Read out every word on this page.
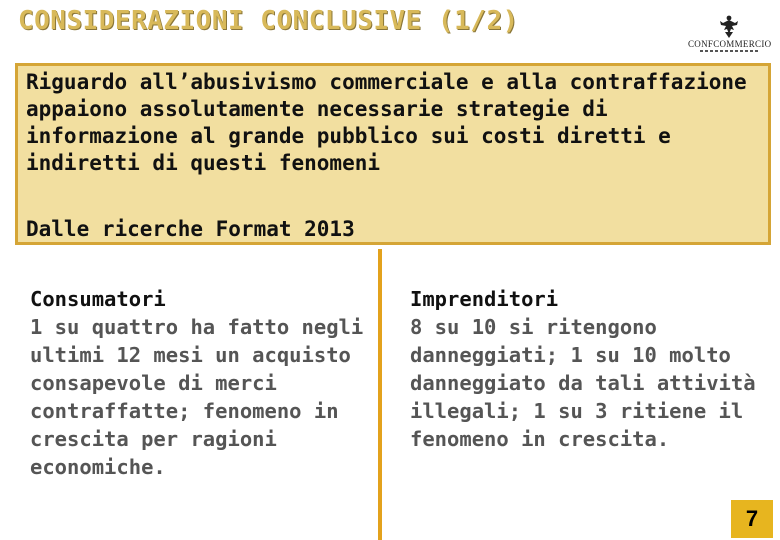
CONSIDERAZIONI CONCLUSIVE (1/2)
CONFCOMMERCIO
Riguardo all’abusivismo commerciale e alla contraffazione appaiono assolutamente necessarie strategie di informazione al grande pubblico sui costi diretti e indiretti di questi fenomeni
Dalle ricerche Format 2013
Consumatori
1 su quattro ha fatto negli ultimi 12 mesi un acquisto consapevole di merci contraffatte; fenomeno in crescita per ragioni economiche.
Imprenditori
8 su 10 si ritengono danneggiati; 1 su 10 molto danneggiato da tali attività illegali; 1 su 3 ritiene il fenomeno in crescita.
7
